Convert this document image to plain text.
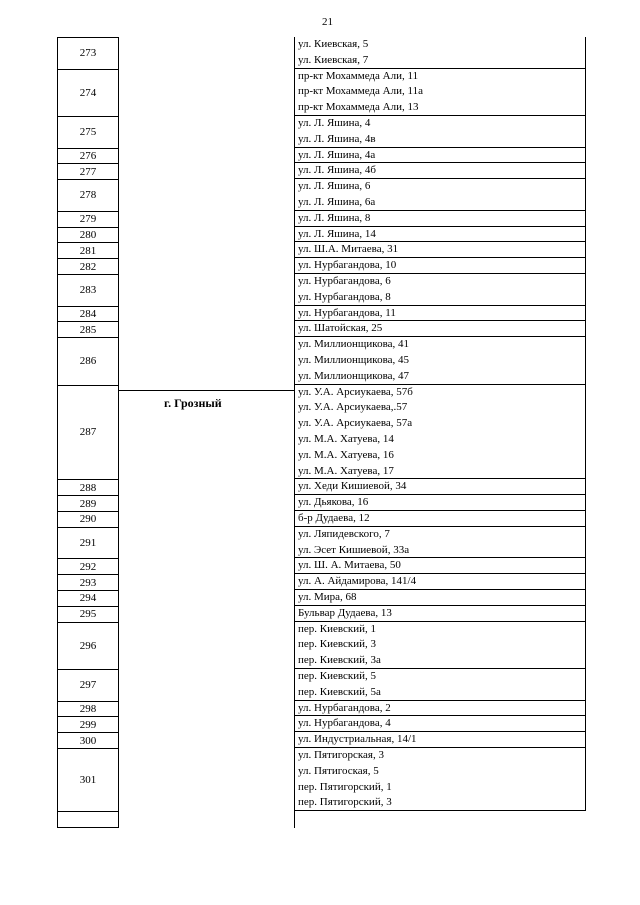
21
273
274
275
276
277
278
279
280
281
282
283
284
285
286
287
288
289
290
291
292
293
294
295
296
297
298
299
300
301
г. Грозный
ул. Киевская, 5
ул. Киевская, 7
пр-кт Мохаммеда Али, 11
пр-кт Мохаммеда Али, 11а
пр-кт Мохаммеда Али, 13
ул. Л. Яшина, 4
ул. Л. Яшина, 4в
ул. Л. Яшина, 4а
ул. Л. Яшина, 4б
ул. Л. Яшина, 6
ул. Л. Яшина, 6а
ул. Л. Яшина, 8
ул. Л. Яшина, 14
ул. Ш.А. Митаева, 31
ул. Нурбагандова, 10
ул. Нурбагандова, 6
ул. Нурбагандова, 8
ул. Нурбагандова, 11
ул. Шатойская, 25
ул. Миллионщикова, 41
ул. Миллионщикова, 45
ул. Миллионщикова, 47
ул. У.А. Арсиукаева, 57б
ул. У.А. Арсиукаева,.57
ул. У.А. Арсиукаева, 57а
ул. М.А. Хатуева, 14
ул. М.А. Хатуева, 16
ул. М.А. Хатуева, 17
ул. Хеди Кишиевой, 34
ул. Дьякова, 16
б-р Дудаева, 12
ул. Ляпидевского, 7
ул. Эсет Кишиевой, 33а
ул. Ш. А. Митаева, 50
ул. А. Айдамирова, 141/4
ул. Мира, 68
Бульвар Дудаева, 13
пер. Киевский, 1
пер. Киевский, 3
пер. Киевский, 3а
пер. Киевский, 5
пер. Киевский, 5а
ул. Нурбагандова, 2
ул. Нурбагандова, 4
ул. Индустриальная, 14/1
ул. Пятигорская, 3
ул. Пятигоская, 5
пер. Пятигорский, 1
пер. Пятигорский, 3
